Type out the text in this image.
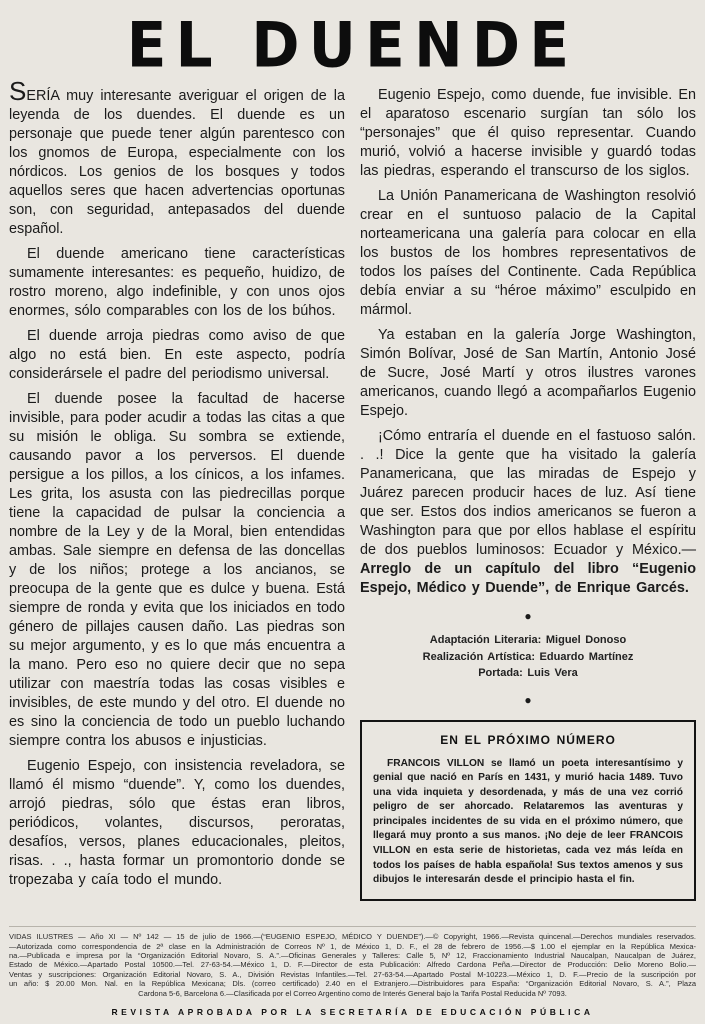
EL DUENDE

SERÍA muy interesante averiguar el origen de la leyenda de los duendes. El duende es un personaje que puede tener algún parentesco con los gnomos de Europa, especialmente con los nórdicos. Los genios de los bosques y todos aquellos seres que hacen advertencias oportunas son, con seguridad, antepasados del duende español.

El duende americano tiene características sumamente interesantes: es pequeño, huidizo, de rostro moreno, algo indefinible, y con unos ojos enormes, sólo comparables con los de los búhos.

El duende arroja piedras como aviso de que algo no está bien. En este aspecto, podría considerársele el padre del periodismo universal.

El duende posee la facultad de hacerse invisible, para poder acudir a todas las citas a que su misión le obliga. Su sombra se extiende, causando pavor a los perversos. El duende persigue a los pillos, a los cínicos, a los infames. Les grita, los asusta con las piedrecillas porque tiene la capacidad de pulsar la conciencia a nombre de la Ley y de la Moral, bien entendidas ambas. Sale siempre en defensa de las doncellas y de los niños; protege a los ancianos, se preocupa de la gente que es dulce y buena. Está siempre de ronda y evita que los iniciados en todo género de pillajes causen daño. Las piedras son su mejor argumento, y es lo que más encuentra a la mano. Pero eso no quiere decir que no sepa utilizar con maestría todas las cosas visibles e invisibles, de este mundo y del otro. El duende no es sino la conciencia de todo un pueblo luchando siempre contra los abusos e injusticias.

Eugenio Espejo, con insistencia reveladora, se llamó él mismo “duende”. Y, como los duendes, arrojó piedras, sólo que éstas eran libros, periódicos, volantes, discursos, peroratas, desafíos, versos, planes educacionales, pleitos, risas. . ., hasta formar un promontorio donde se tropezaba y caía todo el mundo.

Eugenio Espejo, como duende, fue invisible. En el aparatoso escenario surgían tan sólo los “personajes” que él quiso representar. Cuando murió, volvió a hacerse invisible y guardó todas las piedras, esperando el transcurso de los siglos.

La Unión Panamericana de Washington resolvió crear en el suntuoso palacio de la Capital norteamericana una galería para colocar en ella los bustos de los hombres representativos de todos los países del Continente. Cada República debía enviar a su “héroe máximo” esculpido en mármol.

Ya estaban en la galería Jorge Washington, Simón Bolívar, José de San Martín, Antonio José de Sucre, José Martí y otros ilustres varones americanos, cuando llegó a acompañarlos Eugenio Espejo.

¡Cómo entraría el duende en el fastuoso salón. . .! Dice la gente que ha visitado la galería Panamericana, que las miradas de Espejo y Juárez parecen producir haces de luz. Así tiene que ser. Estos dos indios americanos se fueron a Washington para que por ellos hablase el espíritu de dos pueblos luminosos: Ecuador y México.—Arreglo de un capítulo del libro “Eugenio Espejo, Médico y Duende”, de Enrique Garcés.

●
Adaptación Literaria: Miguel Donoso
Realización Artística: Eduardo Martínez
Portada: Luis Vera
●
EN EL PRÓXIMO NÚMERO
FRANCOIS VILLON se llamó un poeta interesantísimo y genial que nació en París en 1431, y murió hacia 1489. Tuvo una vida inquieta y desordenada, y más de una vez corrió peligro de ser ahorcado. Relataremos las aventuras y principales incidentes de su vida en el próximo número, que llegará muy pronto a sus manos. ¡No deje de leer FRANCOIS VILLON en esta serie de historietas, cada vez más leída en todos los países de habla española! Sus textos amenos y sus dibujos le interesarán desde el principio hasta el fin.
VIDAS ILUSTRES — Año XI — Nº 142 — 15 de julio de 1966.—(“EUGENIO ESPEJO, MÉDICO Y DUENDE”).—© Copyright, 1966.—Revista quincenal.—Derechos mundiales reservados.
—Autorizada como correspondencia de 2ª clase en la Administración de Correos Nº 1, de México 1, D. F., el 28 de febrero de 1956.—$ 1.00 el ejemplar en la República Mexica-
na.—Publicada e impresa por la “Organización Editorial Novaro, S. A.”.—Oficinas Generales y Talleres: Calle 5, Nº 12, Fraccionamiento Industrial Naucalpan, Naucalpan de Juárez,
Estado de México.—Apartado Postal 10500.—Tel. 27-63-54.—México 1, D. F.—Director de esta Publicación: Alfredo Cardona Peña.—Director de Producción: Delio Moreno Bolio.—
Ventas y suscripciones: Organización Editorial Novaro, S. A., División Revistas Infantiles.—Tel. 27-63-54.—Apartado Postal M-10223.—México 1, D. F.—Precio de la suscripción por
un año: $ 20.00 Mon. Nal. en la República Mexicana; Dls. (correo certificado) 2.40 en el Extranjero.—Distribuidores para España: “Organización Editorial Novaro, S. A.”, Plaza
Cardona 5-6, Barcelona 6.—Clasificada por el Correo Argentino como de Interés General bajo la Tarifa Postal Reducida Nº 7093.
REVISTA APROBADA POR LA SECRETARÍA DE EDUCACIÓN PÚBLICA
